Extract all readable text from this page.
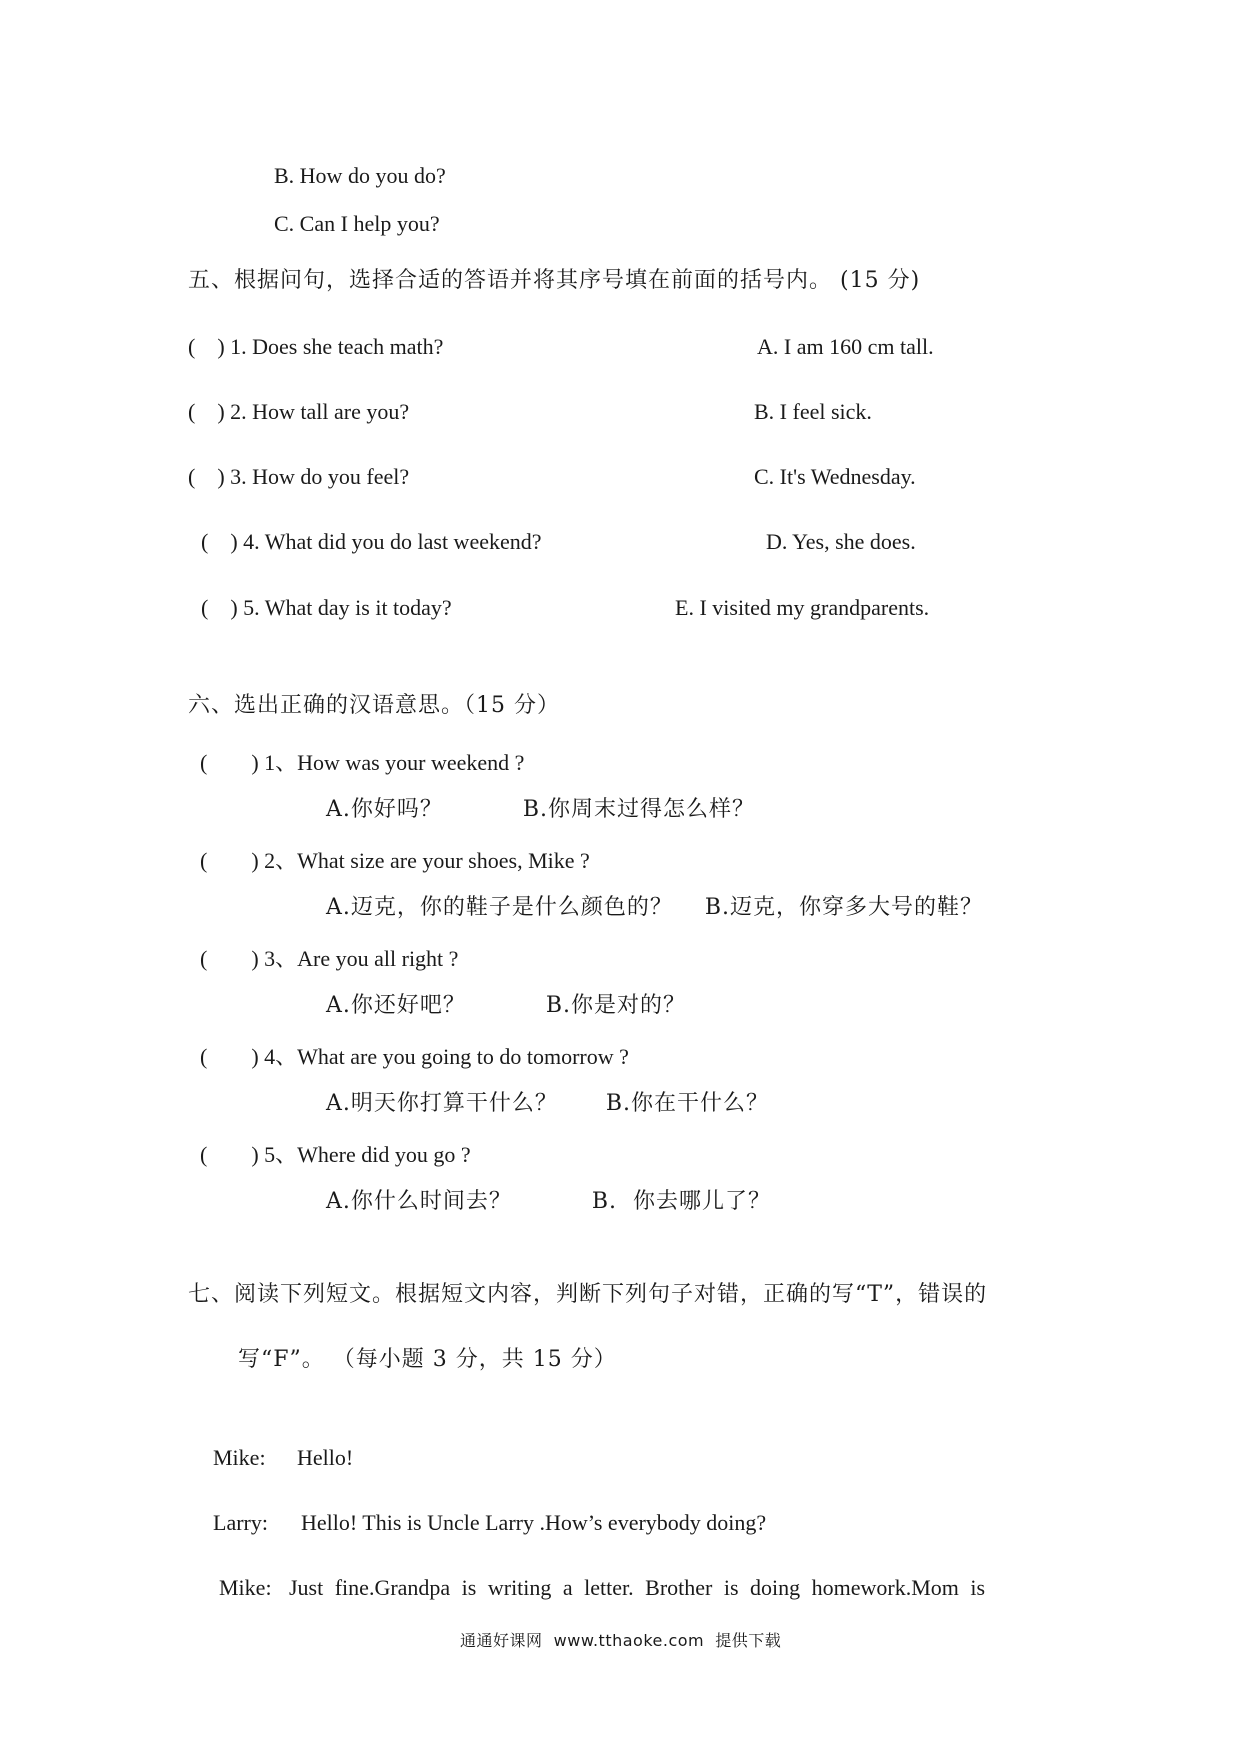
B. How do you do?
C. Can I help you?
五、根据问句，选择合适的答语并将其序号填在前面的括号内。 (15 分)
(    ) 1. Does she teach math?	A. I am 160 cm tall.
(    ) 2. How tall are you?	B. I feel sick.
(    ) 3. How do you feel?	C. It's Wednesday.
(    ) 4. What did you do last weekend?	D. Yes, she does.
(    ) 5. What day is it today?	E. I visited my grandparents.
六、选出正确的汉语意思。（15 分）
(        ) 1、How was your weekend ?
A.你好吗？          B.你周末过得怎么样？
(        ) 2、What size are your shoes, Mike ?
A.迈克，你的鞋子是什么颜色的？    B.迈克，你穿多大号的鞋？
(        ) 3、Are you all right ?
A.你还好吧？          B.你是对的？
(        ) 4、What are you going to do tomorrow ?
A.明天你打算干什么？      B.你在干什么？
(        ) 5、Where did you go ?
A.你什么时间去？          B.  你去哪儿了？
七、阅读下列短文。根据短文内容，判断下列句子对错，正确的写“T”，错误的
写“F”。 （每小题 3 分，共 15 分）
Mike: Hello!
Larry: Hello! This is Uncle Larry .How’s everybody doing?
Mike: Just fine.Grandpa is writing a letter. Brother is doing homework.Mom is
通通好课网  www.tthaoke.com  提供下载
